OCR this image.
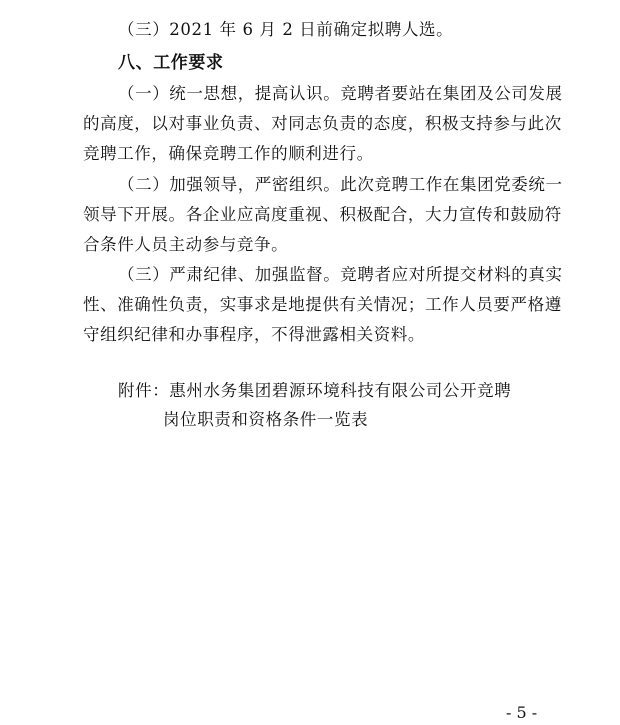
（三）2021 年 6 月 2 日前确定拟聘人选。
八、工作要求
（一）统一思想，提高认识。竞聘者要站在集团及公司发展
的高度，以对事业负责、对同志负责的态度，积极支持参与此次
竞聘工作，确保竞聘工作的顺利进行。
（二）加强领导，严密组织。此次竞聘工作在集团党委统一
领导下开展。各企业应高度重视、积极配合，大力宣传和鼓励符
合条件人员主动参与竞争。
（三）严肃纪律、加强监督。竞聘者应对所提交材料的真实
性、准确性负责，实事求是地提供有关情况；工作人员要严格遵
守组织纪律和办事程序，不得泄露相关资料。
附件：惠州水务集团碧源环境科技有限公司公开竞聘
岗位职责和资格条件一览表
- 5 -
